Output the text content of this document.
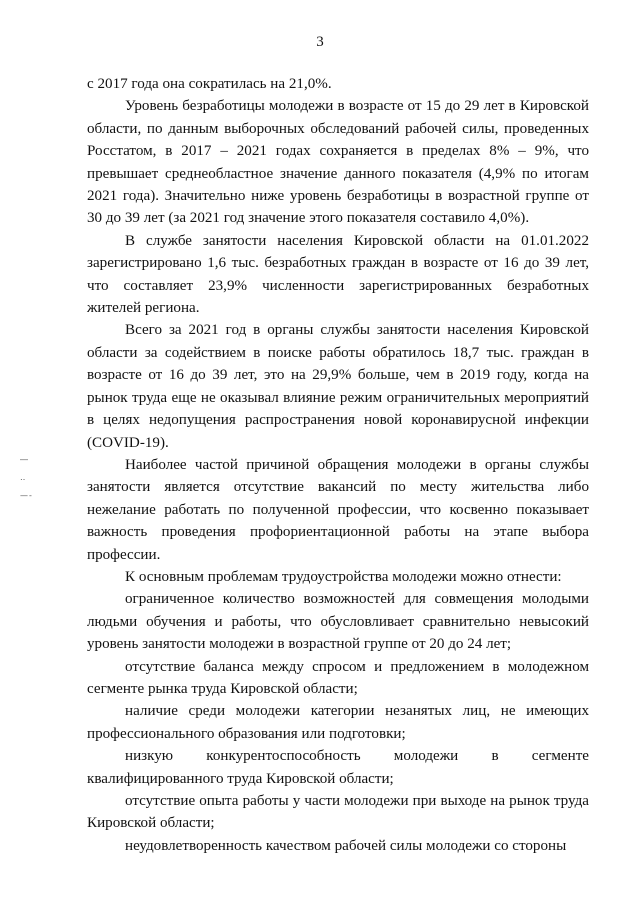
3
―
‥
—‐

с 2017 года она сократилась на 21,0%.

Уровень безработицы молодежи в возрасте от 15 до 29 лет в Кировской области, по данным выборочных обследований рабочей силы, проведенных Росстатом, в 2017 – 2021 годах сохраняется в пределах 8% – 9%, что превышает среднеобластное значение данного показателя (4,9% по итогам 2021 года). Значительно ниже уровень безработицы в возрастной группе от 30 до 39 лет (за 2021 год значение этого показателя составило 4,0%).

В службе занятости населения Кировской области на 01.01.2022 зарегистрировано 1,6 тыс. безработных граждан в возрасте от 16 до 39 лет, что составляет 23,9% численности зарегистрированных безработных жителей региона.

Всего за 2021 год в органы службы занятости населения Кировской области за содействием в поиске работы обратилось 18,7 тыс. граждан в возрасте от 16 до 39 лет, это на 29,9% больше, чем в 2019 году, когда на рынок труда еще не оказывал влияние режим ограничительных мероприятий в целях недопущения распространения новой коронавирусной инфекции (COVID-19).

Наиболее частой причиной обращения молодежи в органы службы занятости является отсутствие вакансий по месту жительства либо нежелание работать по полученной профессии, что косвенно показывает важность проведения профориентационной работы на этапе выбора профессии.

К основным проблемам трудоустройства молодежи можно отнести:

ограниченное количество возможностей для совмещения молодыми людьми обучения и работы, что обусловливает сравнительно невысокий уровень занятости молодежи в возрастной группе от 20 до 24 лет;

отсутствие баланса между спросом и предложением в молодежном сегменте рынка труда Кировской области;

наличие среди молодежи категории незанятых лиц, не имеющих профессионального образования или подготовки;

низкую конкурентоспособность молодежи в сегменте квалифицированного труда Кировской области;

отсутствие опыта работы у части молодежи при выходе на рынок труда Кировской области;

неудовлетворенность качеством рабочей силы молодежи со стороны
